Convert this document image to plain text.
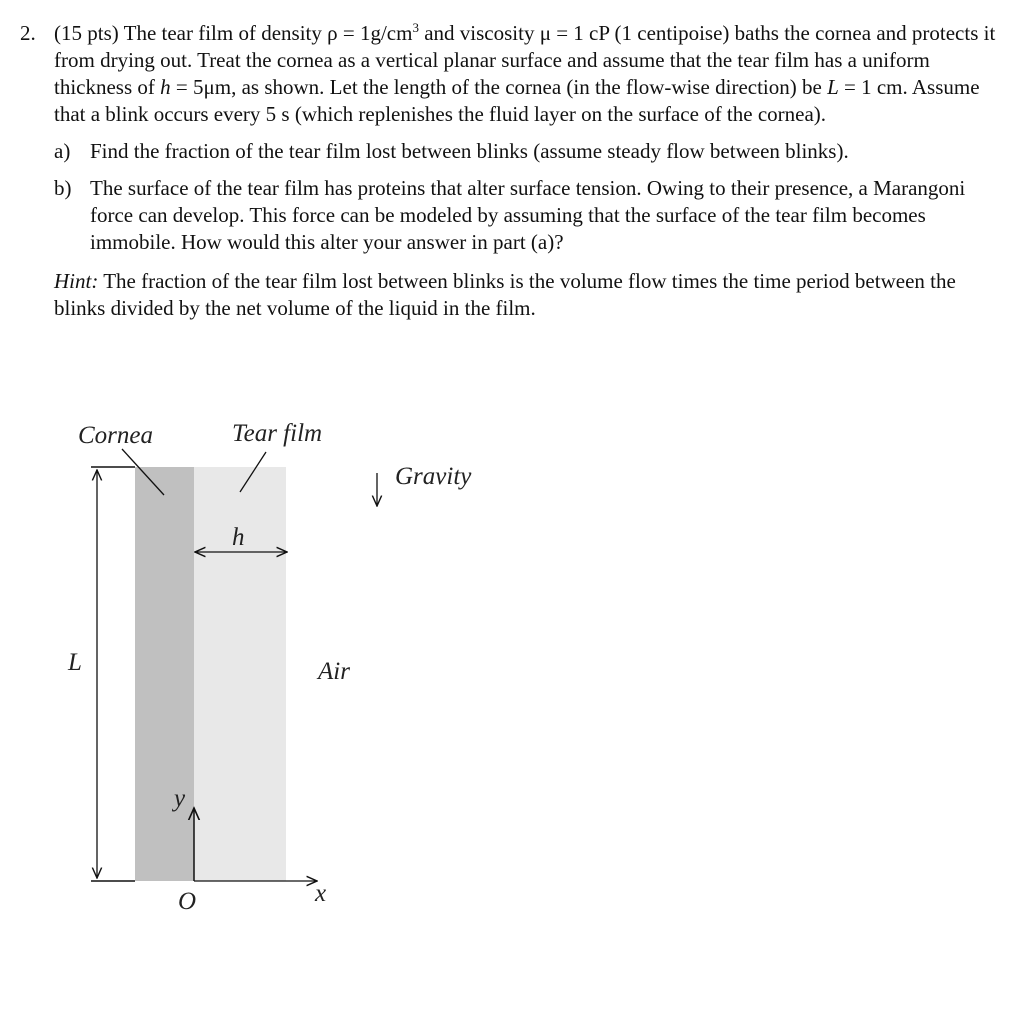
2. (15 pts) The tear film of density $\rho = 1g/cm^3$ and viscosity μ = 1 cP (1 centipoise) baths the cornea and protects it from drying out. Treat the cornea as a vertical planar surface and assume that the tear film has a uniform thickness of h = 5μm, as shown. Let the length of the cornea (in the flow-wise direction) be L = 1 cm. Assume that a blink occurs every 5 s (which replenishes the fluid layer on the surface of the cornea).
a) Find the fraction of the tear film lost between blinks (assume steady flow between blinks).
b) The surface of the tear film has proteins that alter surface tension. Owing to their presence, a Marangoni force can develop. This force can be modeled by assuming that the surface of the tear film becomes immobile. How would this alter your answer in part (a)?
Hint: The fraction of the tear film lost between blinks is the volume flow times the time period between the blinks divided by the net volume of the liquid in the film.
L
Cornea	Tear film
Gravity
h
Air
y
x
O
